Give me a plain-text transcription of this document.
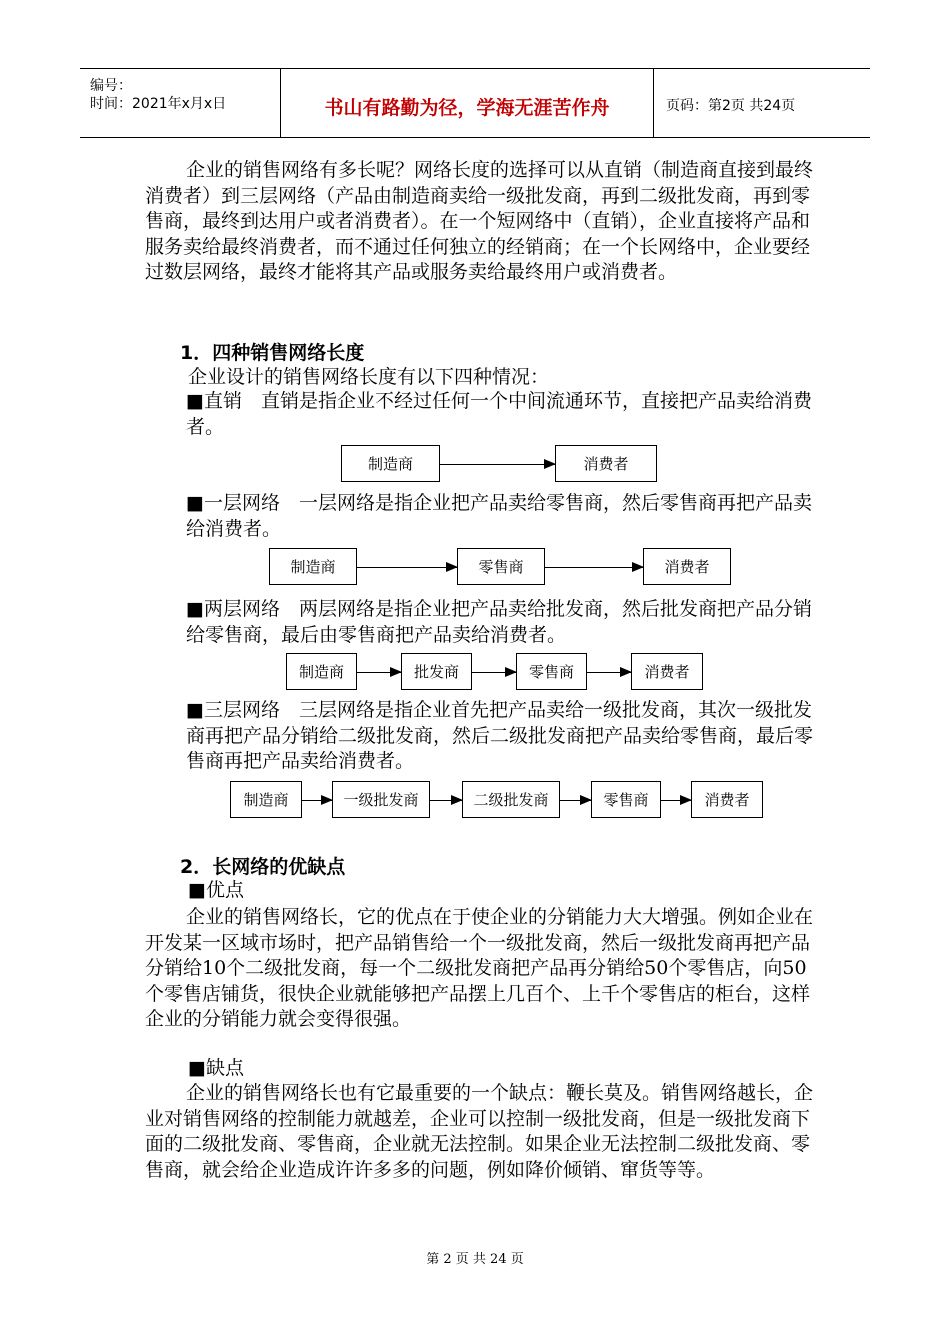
编号：
时间：2021年x月x日	书山有路勤为径，学海无涯苦作舟	页码：第2页 共24页

企业的销售网络有多长呢？网络长度的选择可以从直销（制造商直接到最终消费者）到三层网络（产品由制造商卖给一级批发商，再到二级批发商，再到零售商，最终到达用户或者消费者）。在一个短网络中（直销），企业直接将产品和服务卖给最终消费者，而不通过任何独立的经销商；在一个长网络中，企业要经过数层网络，最终才能将其产品或服务卖给最终用户或消费者。

1．四种销售网络长度
企业设计的销售网络长度有以下四种情况：

■直销　直销是指企业不经过任何一个中间流通环节，直接把产品卖给消费者。

制造商	消费者

■一层网络　一层网络是指企业把产品卖给零售商，然后零售商再把产品卖给消费者。

制造商	零售商	消费者

■两层网络　两层网络是指企业把产品卖给批发商，然后批发商把产品分销给零售商，最后由零售商把产品卖给消费者。

制造商	批发商	零售商	消费者

■三层网络　三层网络是指企业首先把产品卖给一级批发商，其次一级批发商再把产品分销给二级批发商，然后二级批发商把产品卖给零售商，最后零售商再把产品卖给消费者。

制造商	一级批发商	二级批发商	零售商	消费者
2．长网络的优缺点
■优点

企业的销售网络长，它的优点在于使企业的分销能力大大增强。例如企业在开发某一区域市场时，把产品销售给一个一级批发商，然后一级批发商再把产品分销给10个二级批发商，每一个二级批发商把产品再分销给50个零售店，向50个零售店铺货，很快企业就能够把产品摆上几百个、上千个零售店的柜台，这样企业的分销能力就会变得很强。

■缺点

企业的销售网络长也有它最重要的一个缺点：鞭长莫及。销售网络越长，企业对销售网络的控制能力就越差，企业可以控制一级批发商，但是一级批发商下面的二级批发商、零售商，企业就无法控制。如果企业无法控制二级批发商、零售商，就会给企业造成许许多多的问题，例如降价倾销、窜货等等。

第 2 页 共 24 页
